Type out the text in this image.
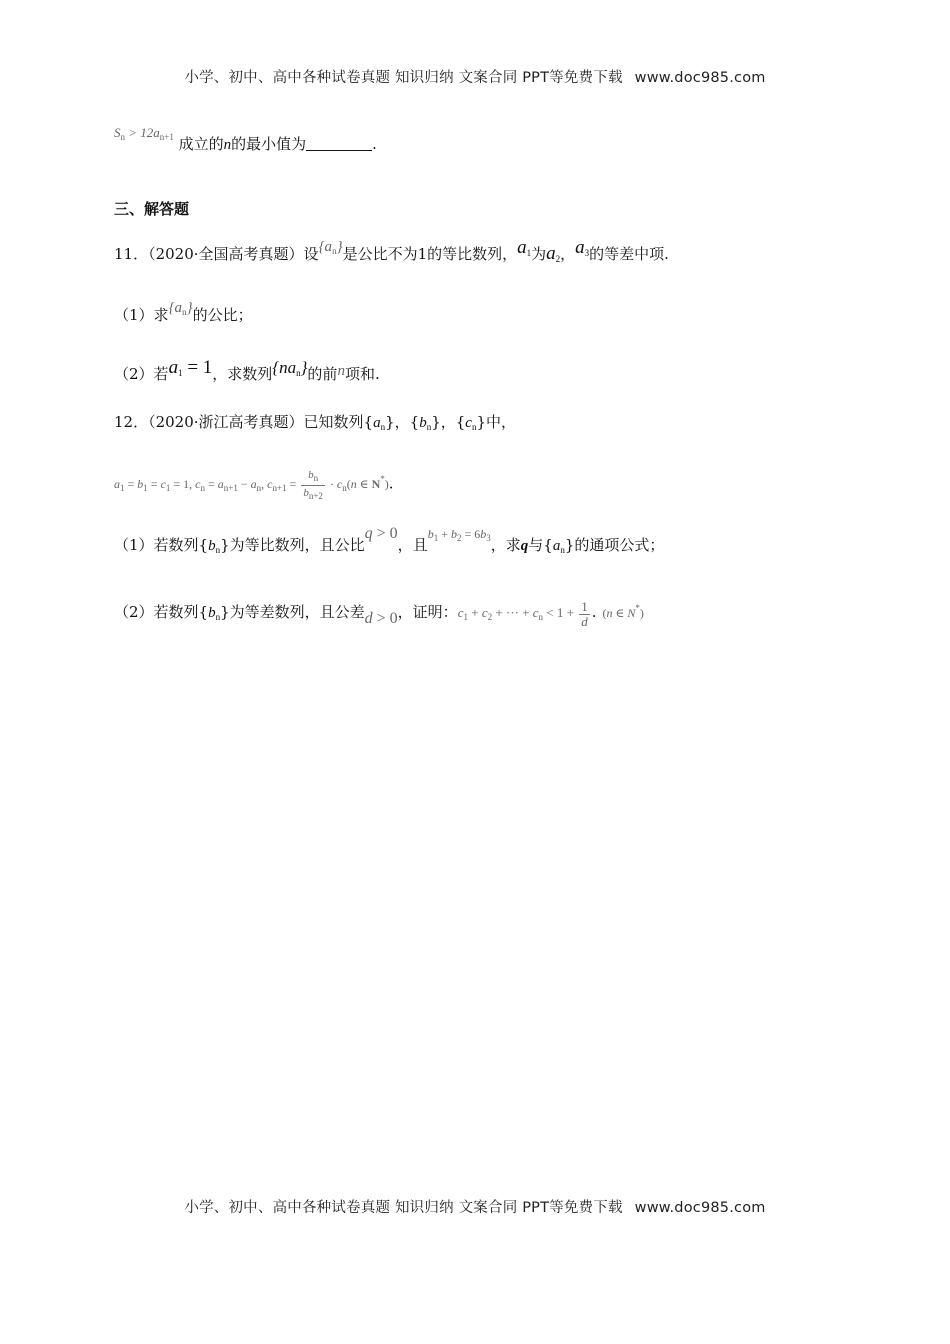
小学、初中、高中各种试卷真题 知识归纳 文案合同 PPT等免费下载 www.doc985.com
$S_n > 12a_{n+1}$ 成立的n的最小值为	.
三、解答题
11．（2020·全国高考真题）设$\{a_n\}$是公比不为1的等比数列，$a_1$为$a_2$，$a_3$的等差中项.
（1）求$\{a_n\}$的公比；
（2）若$a_1 = 1$，求数列$\{na_n\}$的前n项和.
12．（2020·浙江高考真题）已知数列$\{a_n\}$，$\{b_n\}$，$\{c_n\}$中，
$a_1 = b_1 = c_1 = 1$, $c_n = a_{n+1} - a_n$, $c_{n+1} = \frac{b_n}{b_{n+2}} \cdot c_n(n$ ∈ N*).
（1）若数列$\{b_n\}$为等比数列，且公比q > 0，且$^{b_1 + b_2 = 6b_3}$，求q与$\{a_n\}$的通项公式；
（2）若数列$\{b_n\}$为等差数列，且公差d > 0，证明：$c_1 + c_2$ + ··· + $c_n < 1 + \frac{1}{d}$ . (n ∈ N*)
小学、初中、高中各种试卷真题 知识归纳 文案合同 PPT等免费下载 www.doc985.com
